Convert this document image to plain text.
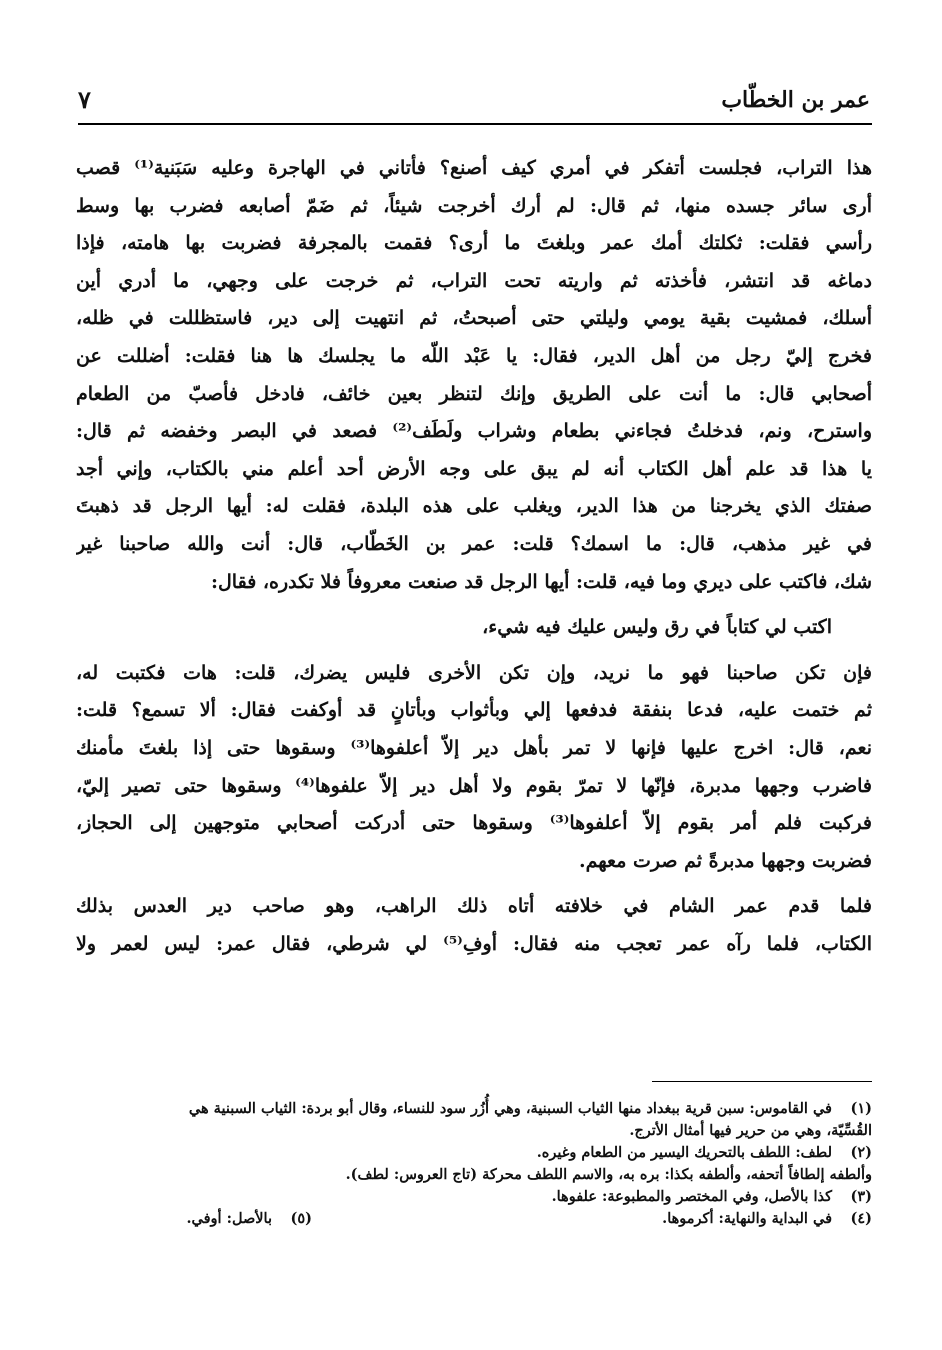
عمر بن الخطّاب
٧
هذا التراب، فجلست أتفكر في أمري كيف أصنع؟ فأتاني في الهاجرة وعليه سَبَنية⁽¹⁾ قصب
أرى سائر جسده منها، ثم قال: لم أرك أخرجت شيئاً، ثم ضَمّ أصابعه فضرب بها وسط
رأسي فقلت: ثكلتك أمك عمر وبلغتَ ما أرى؟ فقمت بالمجرفة فضربت بها هامته، فإذا
دماغه قد انتشر، فأخذته ثم واريته تحت التراب، ثم خرجت على وجهي، ما أدري أين
أسلك، فمشيت بقية يومي وليلتي حتى أصبحتُ، ثم انتهيت إلى دير، فاستظللت في ظله،
فخرج إليّ رجل من أهل الدير، فقال: يا عَبْد اللّه ما يجلسك ها هنا فقلت: أضللت عن
أصحابي قال: ما أنت على الطريق وإنك لتنظر بعين خائف، فادخل فأصبّ من الطعام
واسترح، ونم، فدخلتُ فجاءني بطعام وشراب ولَطَف⁽²⁾ فصعد في البصر وخفضه ثم قال:
يا هذا قد علم أهل الكتاب أنه لم يبق على وجه الأرض أحد أعلم مني بالكتاب، وإني أجد
صفتك الذي يخرجنا من هذا الدير، ويغلب على هذه البلدة، فقلت له: أيها الرجل قد ذهبتَ
في غير مذهب، قال: ما اسمك؟ قلت: عمر بن الخَطّاب، قال: أنت والله صاحبنا غير
شك، فاكتب على ديري وما فيه، قلت: أيها الرجل قد صنعت معروفاً فلا تكدره، فقال:
اكتب لي كتاباً في رق وليس عليك فيه شيء،
فإن تكن صاحبنا فهو ما نريد، وإن تكن الأخرى فليس يضرك، قلت: هات فكتبت له،
ثم ختمت عليه، فدعا بنفقة فدفعها إلي وبأثواب وبأتانٍ قد أوكفت فقال: ألا تسمع؟ قلت:
نعم، قال: اخرج عليها فإنها لا تمر بأهل دير إلاّ أعلفوها⁽³⁾ وسقوها حتى إذا بلغتَ مأمنك
فاضرب وجهها مدبرة، فإنّها لا تمرّ بقوم ولا أهل دير إلاّ علفوها⁽⁴⁾ وسقوها حتى تصير إليّ،
فركبت فلم أمر بقوم إلاّ أعلفوها⁽³⁾ وسقوها حتى أدركت أصحابي متوجهين إلى الحجاز،
فضربت وجهها مدبرةً ثم صرت معهم.
فلما قدم عمر الشام في خلافته أتاه ذلك الراهب، وهو صاحب دير العدس بذلك
الكتاب، فلما رآه عمر تعجب منه فقال: أوفِ⁽⁵⁾ لي شرطي، فقال عمر: ليس لعمر ولا
(١)
في القاموس: سبن قرية ببغداد منها الثياب السبنية، وهي أُزُر سود للنساء، وقال أبو بردة: الثياب السبنية هي
القُسِّيّة، وهي من حرير فيها أمثال الأترج.
(٢)
لطف: اللطف بالتحريك اليسير من الطعام وغيره.
وألطفه إلطافاً أتحفه، وألطفه بكذا: بره به، والاسم اللطف محركة (تاج العروس: لطف).
(٣)
كذا بالأصل، وفي المختصر والمطبوعة: علفوها.
(٤)
في البداية والنهاية: أكرموها.
(٥)
بالأصل: أوفي.
